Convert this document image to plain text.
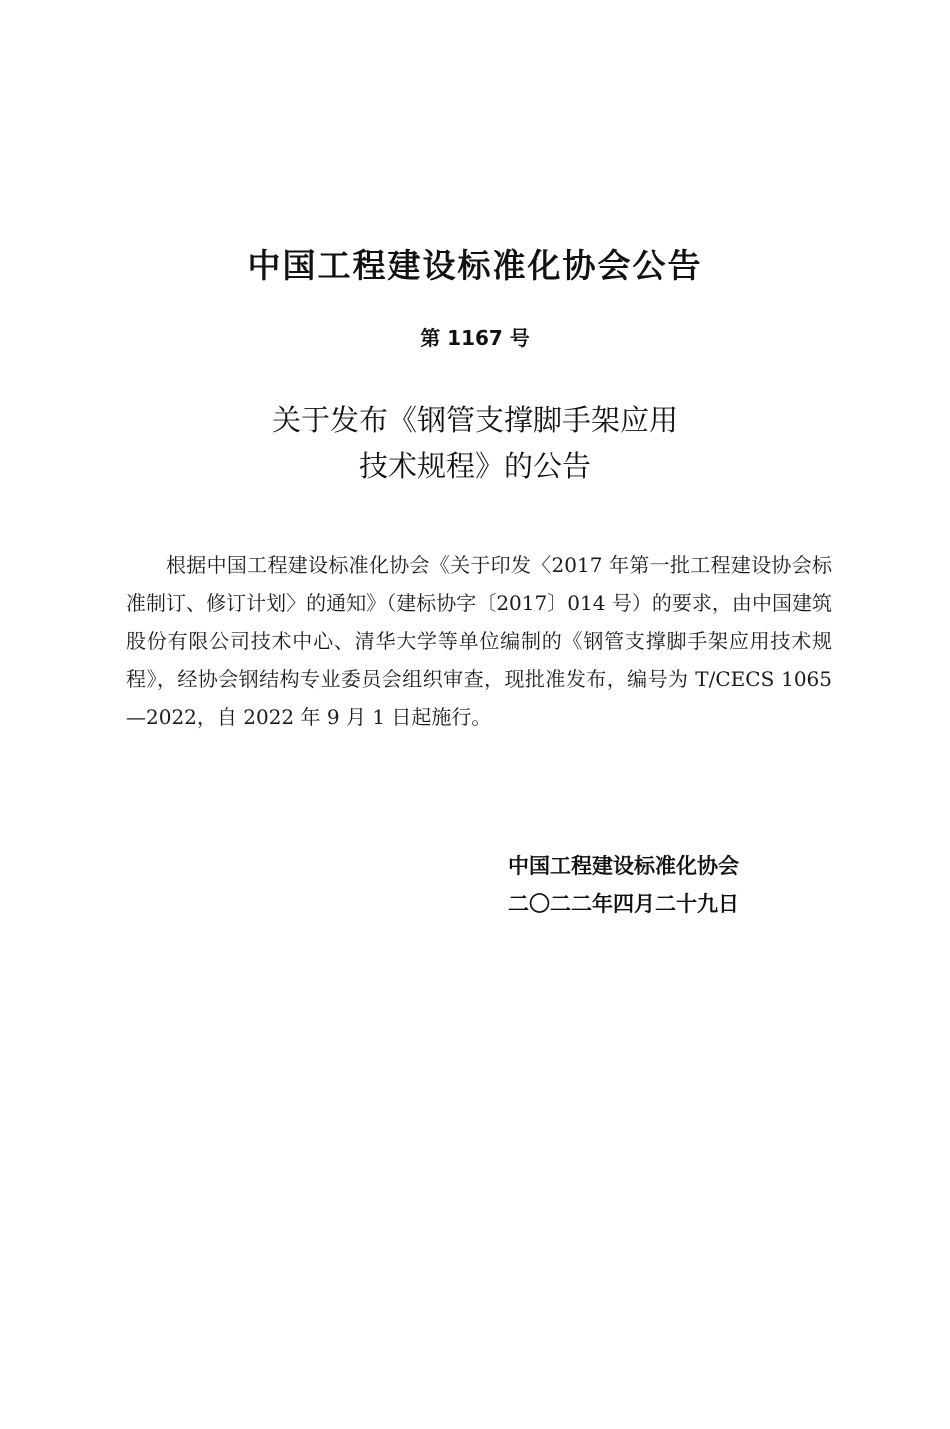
中国工程建设标准化协会公告
第 1167 号
关于发布《钢管支撑脚手架应用
技术规程》的公告

根据中国工程建设标准化协会《关于印发〈2017 年第一批工程建设协会标准制订、修订计划〉的通知》（建标协字〔2017〕014 号）的要求，由中国建筑股份有限公司技术中心、清华大学等单位编制的《钢管支撑脚手架应用技术规程》，经协会钢结构专业委员会组织审查，现批准发布，编号为 T/CECS 1065—2022，自 2022 年 9 月 1 日起施行。

中国工程建设标准化协会
二〇二二年四月二十九日
